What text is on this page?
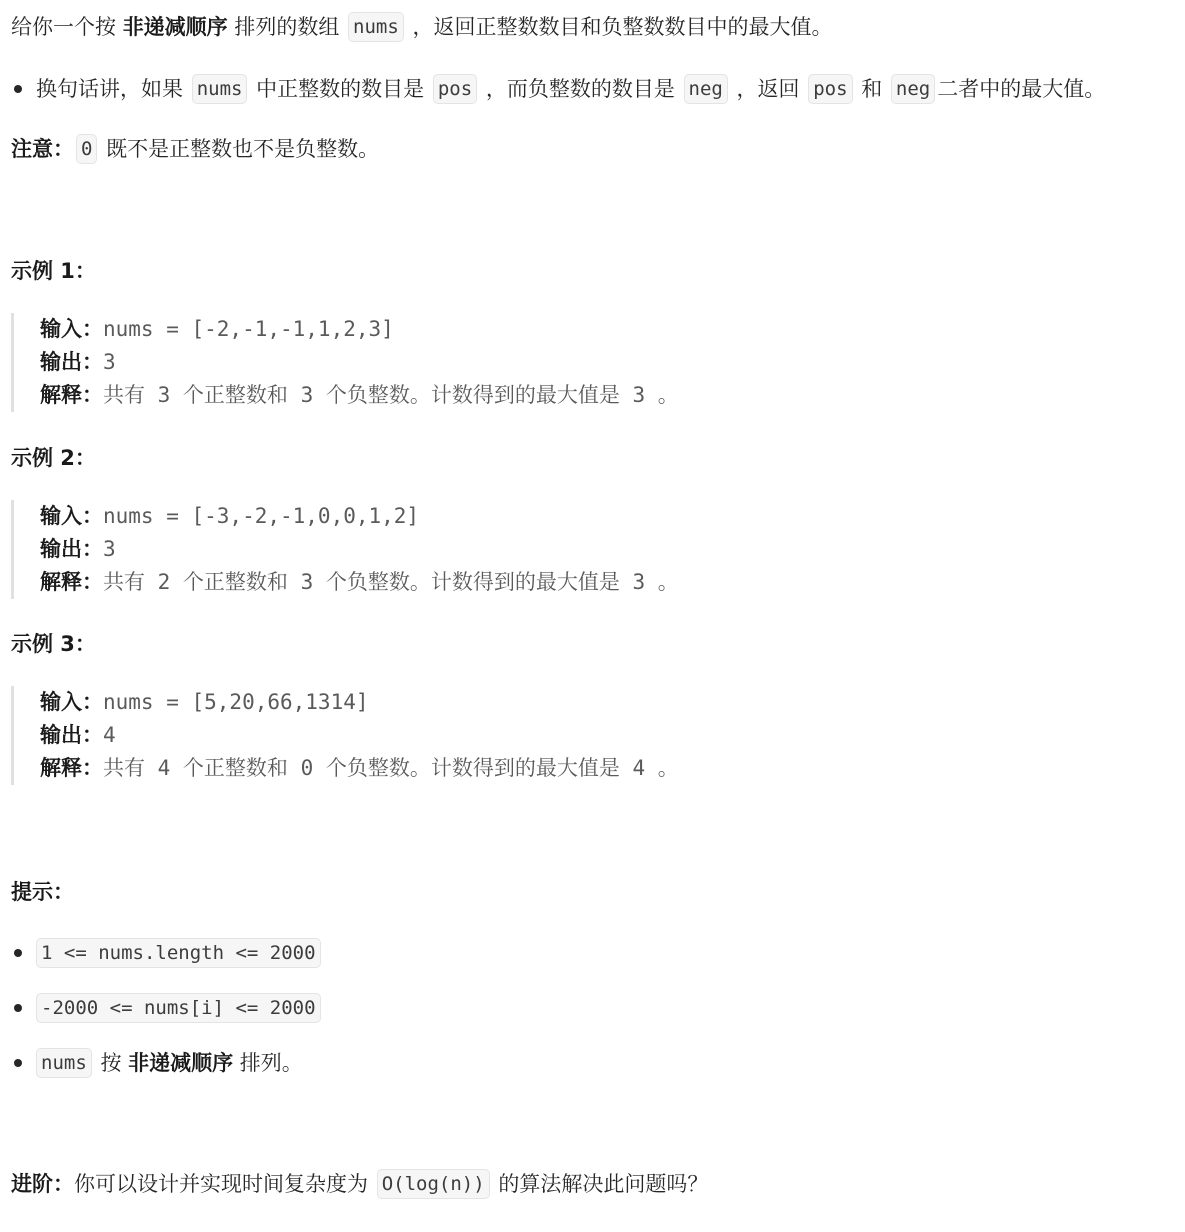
给你一个按 非递减顺序 排列的数组 nums ，返回正整数数目和负整数数目中的最大值。
换句话讲，如果 nums 中正整数的数目是 pos ，而负整数的数目是 neg ，返回 pos 和 neg 二者中的最大值。
注意： 0 既不是正整数也不是负整数。
示例 1：
输入：nums = [-2,-1,-1,1,2,3]
输出：3
解释：共有 3 个正整数和 3 个负整数。计数得到的最大值是 3 。
示例 2：
输入：nums = [-3,-2,-1,0,0,1,2]
输出：3
解释：共有 2 个正整数和 3 个负整数。计数得到的最大值是 3 。
示例 3：
输入：nums = [5,20,66,1314]
输出：4
解释：共有 4 个正整数和 0 个负整数。计数得到的最大值是 4 。
提示：
1 <= nums.length <= 2000
-2000 <= nums[i] <= 2000
nums 按 非递减顺序 排列。
进阶：你可以设计并实现时间复杂度为 O(log(n)) 的算法解决此问题吗？
